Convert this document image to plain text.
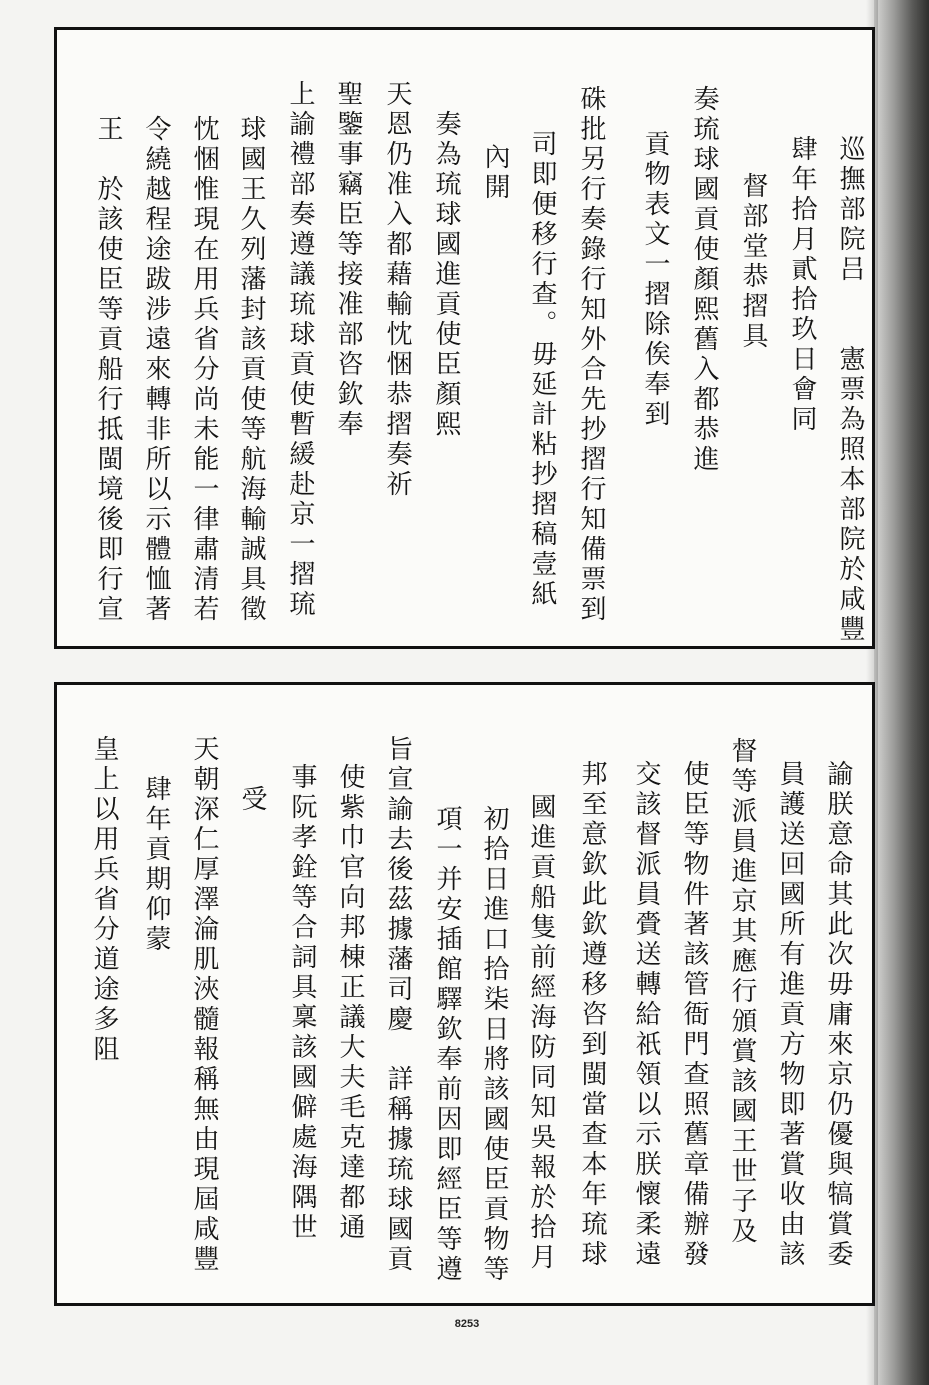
巡撫部院吕　　憲票為照本部院於咸豐
肆年拾月貳拾玖日會同
督部堂恭摺具
奏琉球國貢使顏熙舊入都恭進
貢物表文一摺除俟奉到
硃批另行奏錄行知外合先抄摺行知備票到
司即便移行查。毋延計粘抄摺稿壹紙
內開
奏為琉球國進貢使臣顏熙
天恩仍准入都藉輸忱悃恭摺奏祈
聖鑒事竊臣等接准部咨欽奉
上諭禮部奏遵議琉球貢使暫緩赴京一摺琉
球國王久列藩封該貢使等航海輸誠具徵
忱悃惟現在用兵省分尚未能一律肅清若
令繞越程途跋涉遠來轉非所以示體恤著
王　於該使臣等貢船行抵閩境後即行宣
諭朕意命其此次毋庸來京仍優與犒賞委
員護送回國所有進貢方物即著賞收由該
督等派員進京其應行頒賞該國王世子及
使臣等物件著該管衙門查照舊章備辦發
交該督派員賫送轉給祇領以示朕懷柔遠
邦至意欽此欽遵移咨到閩當查本年琉球
國進貢船隻前經海防同知吳報於拾月
初拾日進口拾柒日將該國使臣貢物等
項一并安插館驛欽奉前因即經臣等遵
旨宣諭去後茲據藩司慶　詳稱據琉球國貢
使紫巾官向邦棟正議大夫毛克達都通
事阮孝銓等合詞具稟該國僻處海隅世
受
天朝深仁厚澤淪肌浹髓報稱無由現屆咸豐
肆年貢期仰蒙
皇上以用兵省分道途多阻
8253
